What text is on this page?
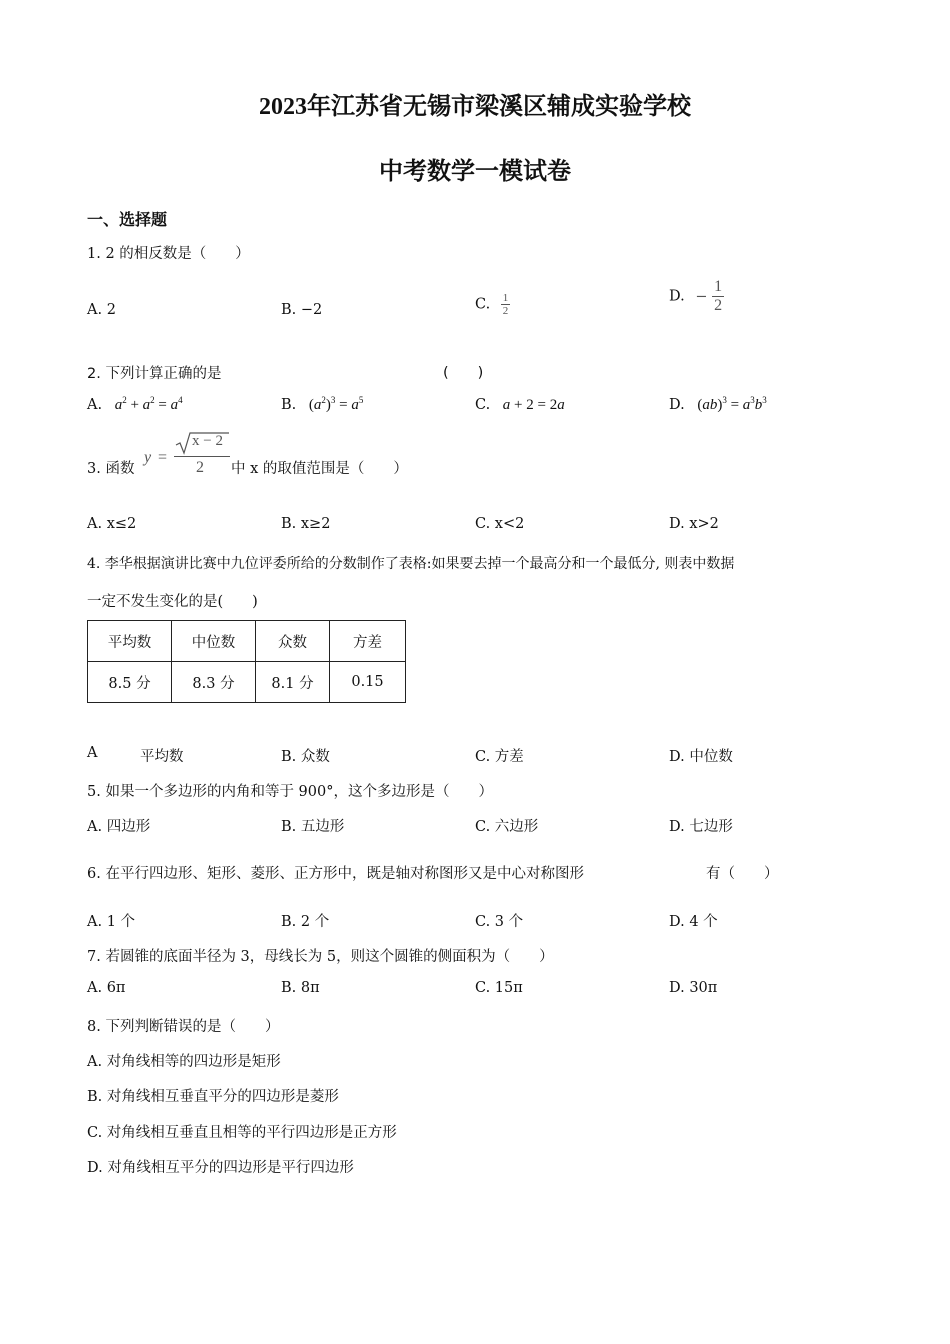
2023年江苏省无锡市梁溪区辅成实验学校
中考数学一模试卷
一、选择题
1. 2 的相反数是（　　）
A. 2	B. −2	C. $\frac{1}{2}$	D. − $\frac{1}{2}$
2. 下列计算正确的是	(　　)
A. $a^2 + a^2 = a^4$	B. $(a^2)^3 = a^5$	C. a + 2 = 2a	D. $(ab)^3 = a^3b^3$
3. 函数
y =
x − 2
2 中 x 的取值范围是（　　）
A. x≤2	B. x≥2	C. x<2	D. x>2
4. 李华根据演讲比赛中九位评委所给的分数制作了表格:如果要去掉一个最高分和一个最低分, 则表中数据
一定不发生变化的是(　　)
平均数	中位数	众数	方差
8.5 分	8.3 分	8.1 分	0.15
A	平均数	B. 众数	C. 方差	D. 中位数
5. 如果一个多边形的内角和等于 900°，这个多边形是（　　）
A. 四边形	B. 五边形	C. 六边形	D. 七边形
6. 在平行四边形、矩形、菱形、正方形中，既是轴对称图形又是中心对称图形	有（　　）
A. 1 个	B. 2 个	C. 3 个	D. 4 个
7. 若圆锥的底面半径为 3，母线长为 5，则这个圆锥的侧面积为（　　）
A. 6π	B. 8π	C. 15π	D. 30π
8. 下列判断错误的是（　　）
A. 对角线相等的四边形是矩形
B. 对角线相互垂直平分的四边形是菱形
C. 对角线相互垂直且相等的平行四边形是正方形
D. 对角线相互平分的四边形是平行四边形
